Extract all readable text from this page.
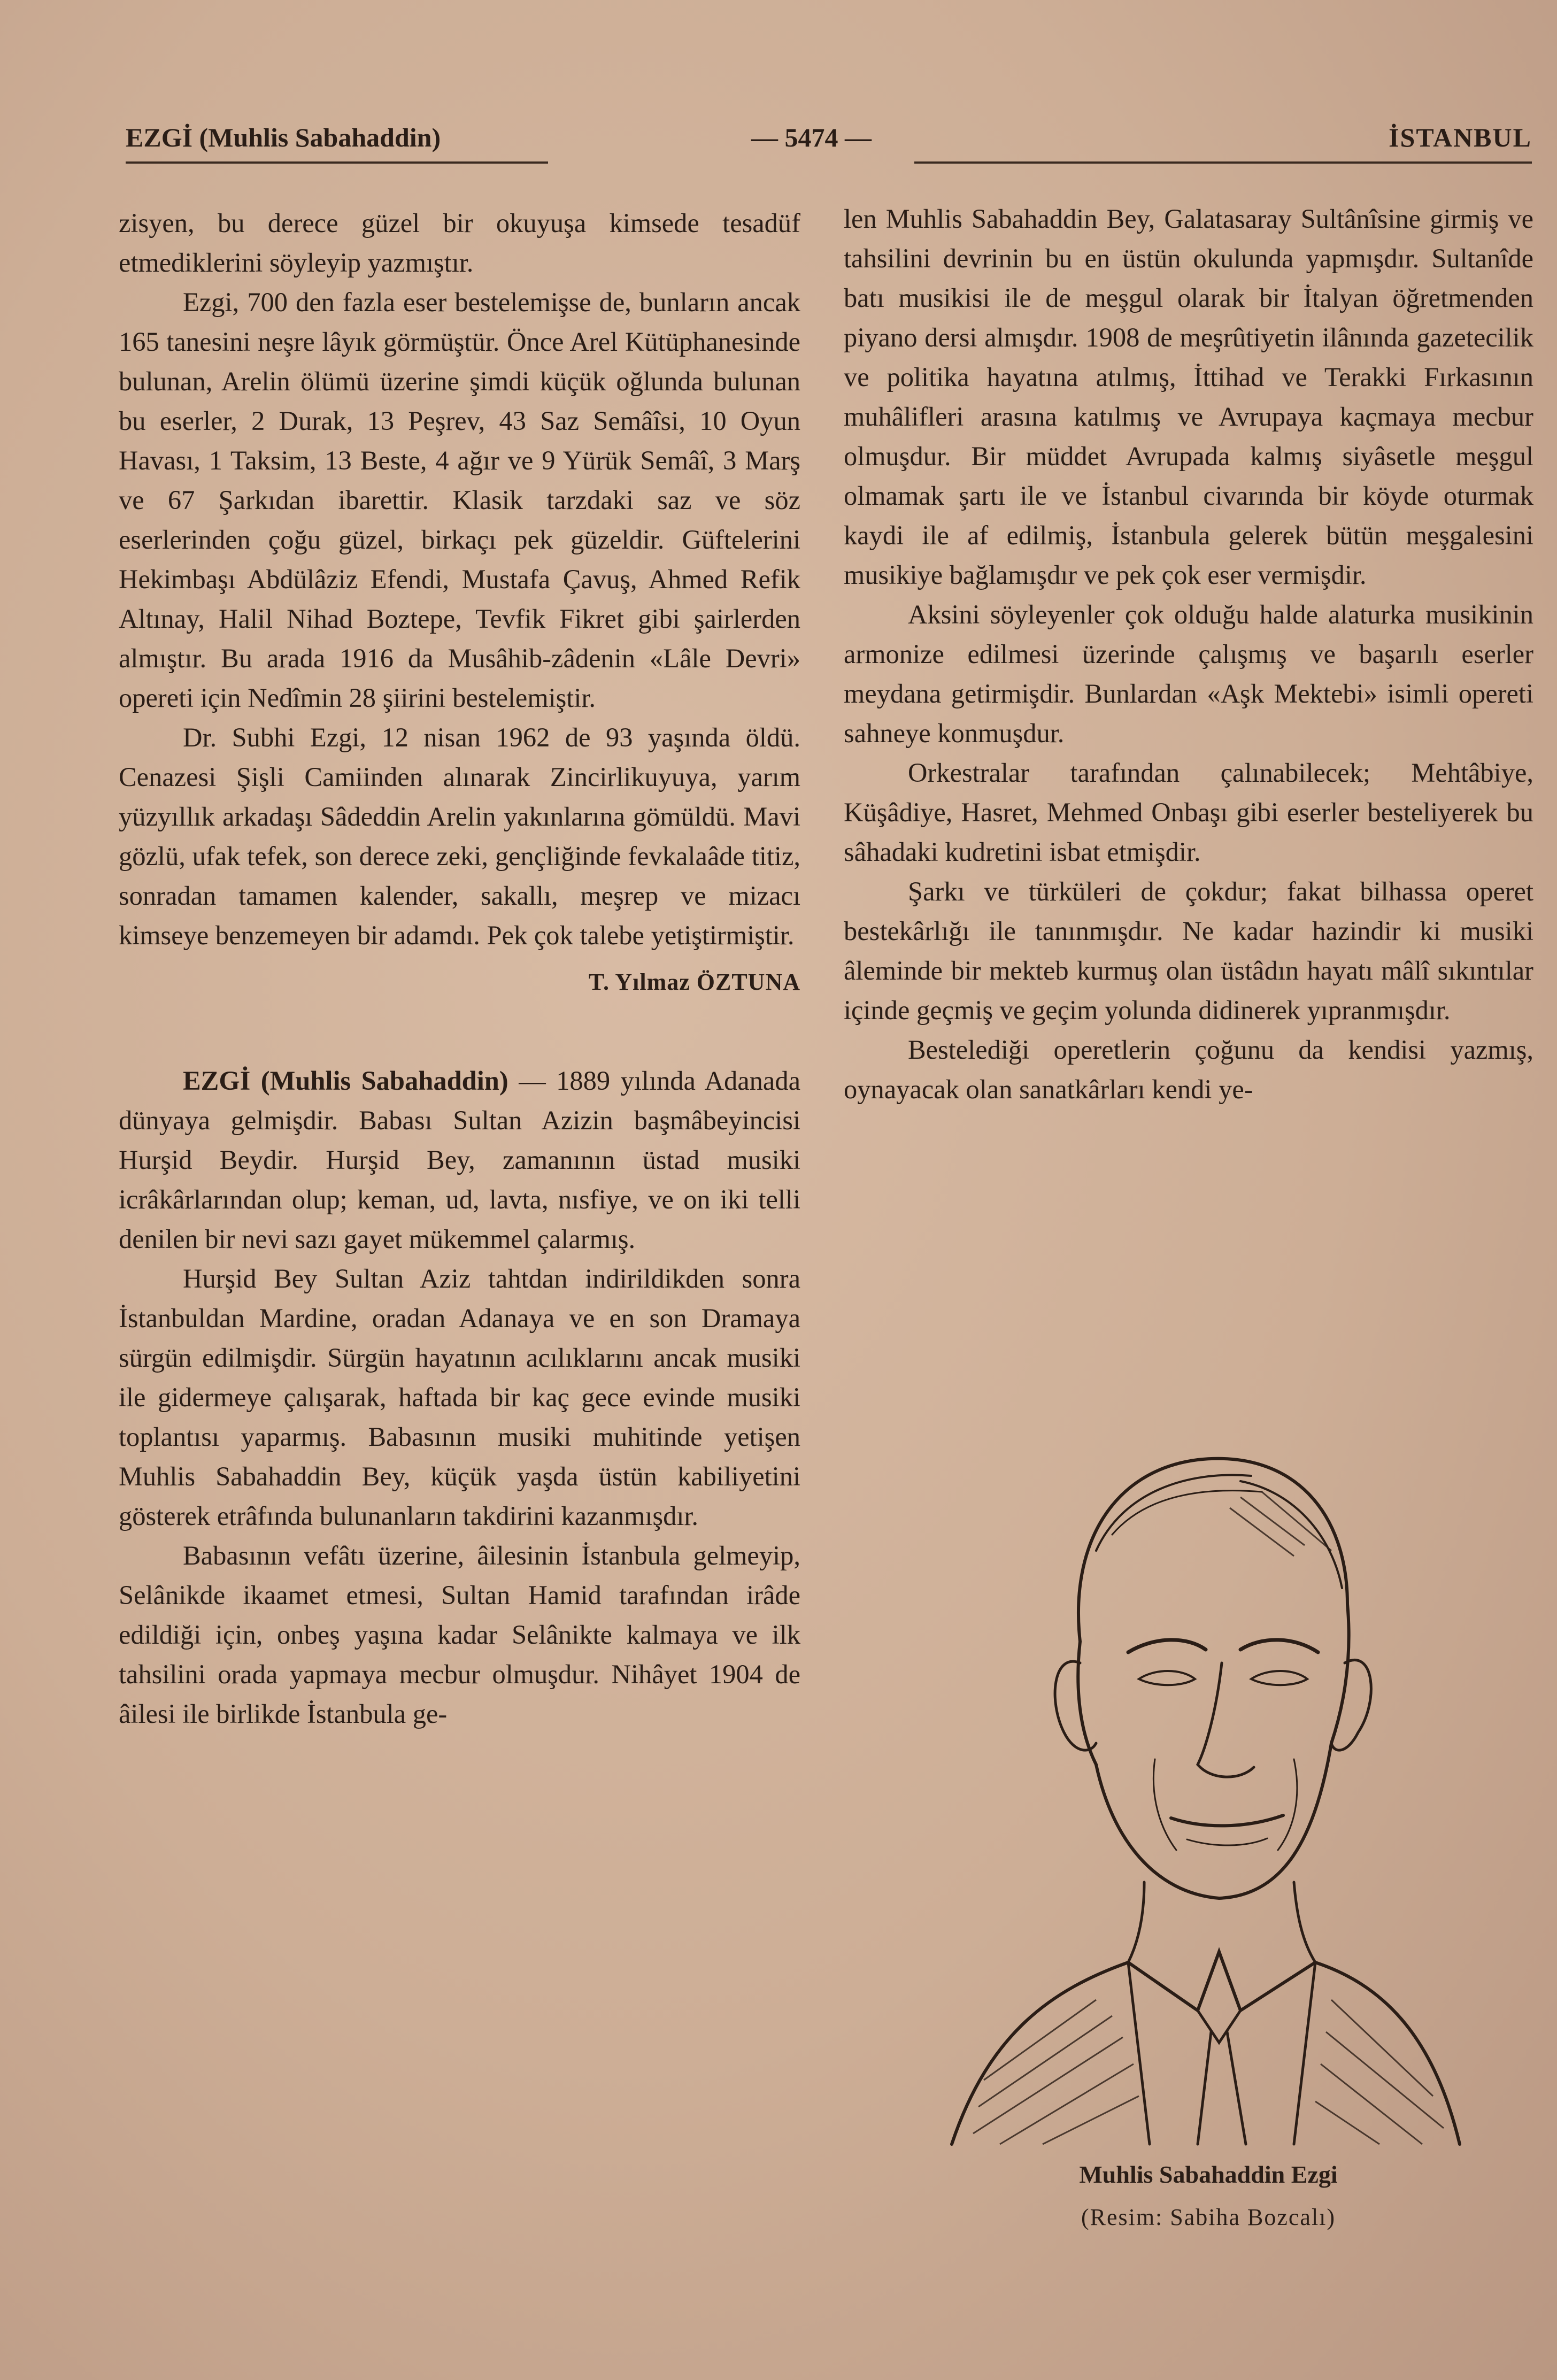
EZGİ (Muhlis Sabahaddin)	— 5474 —	İSTANBUL

zisyen, bu derece güzel bir okuyuşa kimsede tesadüf etmediklerini söyleyip yazmıştır.

Ezgi, 700 den fazla eser bestelemişse de, bunların ancak 165 tanesini neşre lâyık görmüştür. Önce Arel Kütüphanesinde bulunan, Arelin ölümü üzerine şimdi küçük oğlunda bulunan bu eserler, 2 Durak, 13 Peşrev, 43 Saz Semâîsi, 10 Oyun Havası, 1 Taksim, 13 Beste, 4 ağır ve 9 Yürük Semâî, 3 Marş ve 67 Şarkıdan ibarettir. Klasik tarzdaki saz ve söz eserlerinden çoğu güzel, birkaçı pek güzeldir. Güftelerini Hekimbaşı Abdülâziz Efendi, Mustafa Çavuş, Ahmed Refik Altınay, Halil Nihad Boztepe, Tevfik Fikret gibi şairlerden almıştır. Bu arada 1916 da Musâhib-zâdenin «Lâle Devri» opereti için Nedîmin 28 şiirini bestelemiştir.

Dr. Subhi Ezgi, 12 nisan 1962 de 93 yaşında öldü. Cenazesi Şişli Camiinden alınarak Zincirlikuyuya, yarım yüzyıllık arkadaşı Sâdeddin Arelin yakınlarına gömüldü. Mavi gözlü, ufak tefek, son derece zeki, gençliğinde fevkalaâde titiz, sonradan tamamen kalender, sakallı, meşrep ve mizacı kimseye benzemeyen bir adamdı. Pek çok talebe yetiştirmiştir.

T. Yılmaz ÖZTUNA

EZGİ (Muhlis Sabahaddin) — 1889 yılında Adanada dünyaya gelmişdir. Babası Sultan Azizin başmâbeyincisi Hurşid Beydir. Hurşid Bey, zamanının üstad musiki icrâkârlarından olup; keman, ud, lavta, nısfiye, ve on iki telli denilen bir nevi sazı gayet mükemmel çalarmış.

Hurşid Bey Sultan Aziz tahtdan indirildikden sonra İstanbuldan Mardine, oradan Adanaya ve en son Dramaya sürgün edilmişdir. Sürgün hayatının acılıklarını ancak musiki ile gidermeye çalışarak, haftada bir kaç gece evinde musiki toplantısı yaparmış. Babasının musiki muhitinde yetişen Muhlis Sabahaddin Bey, küçük yaşda üstün kabiliyetini gösterek etrâfında bulunanların takdirini kazanmışdır.

Babasının vefâtı üzerine, âilesinin İstanbula gelmeyip, Selânikde ikaamet etmesi, Sultan Hamid tarafından irâde edildiği için, onbeş yaşına kadar Selânikte kalmaya ve ilk tahsilini orada yapmaya mecbur olmuşdur. Nihâyet 1904 de âilesi ile birlikde İstanbula ge-

len Muhlis Sabahaddin Bey, Galatasaray Sultânîsine girmiş ve tahsilini devrinin bu en üstün okulunda yapmışdır. Sultanîde batı musikisi ile de meşgul olarak bir İtalyan öğretmenden piyano dersi almışdır. 1908 de meşrûtiyetin ilânında gazetecilik ve politika hayatına atılmış, İttihad ve Terakki Fırkasının muhâlifleri arasına katılmış ve Avrupaya kaçmaya mecbur olmuşdur. Bir müddet Avrupada kalmış siyâsetle meşgul olmamak şartı ile ve İstanbul civarında bir köyde oturmak kaydi ile af edilmiş, İstanbula gelerek bütün meşgalesini musikiye bağlamışdır ve pek çok eser vermişdir.

Aksini söyleyenler çok olduğu halde alaturka musikinin armonize edilmesi üzerinde çalışmış ve başarılı eserler meydana getirmişdir. Bunlardan «Aşk Mektebi» isimli opereti sahneye konmuşdur.

Orkestralar tarafından çalınabilecek; Mehtâbiye, Küşâdiye, Hasret, Mehmed Onbaşı gibi eserler besteliyerek bu sâhadaki kudretini isbat etmişdir.

Şarkı ve türküleri de çokdur; fakat bilhassa operet bestekârlığı ile tanınmışdır. Ne kadar hazindir ki musiki âleminde bir mekteb kurmuş olan üstâdın hayatı mâlî sıkıntılar içinde geçmiş ve geçim yolunda didinerek yıpranmışdır.

Bestelediği operetlerin çoğunu da kendisi yazmış, oynayacak olan sanatkârları kendi ye-

Muhlis Sabahaddin Ezgi
(Resim: Sabiha Bozcalı)
